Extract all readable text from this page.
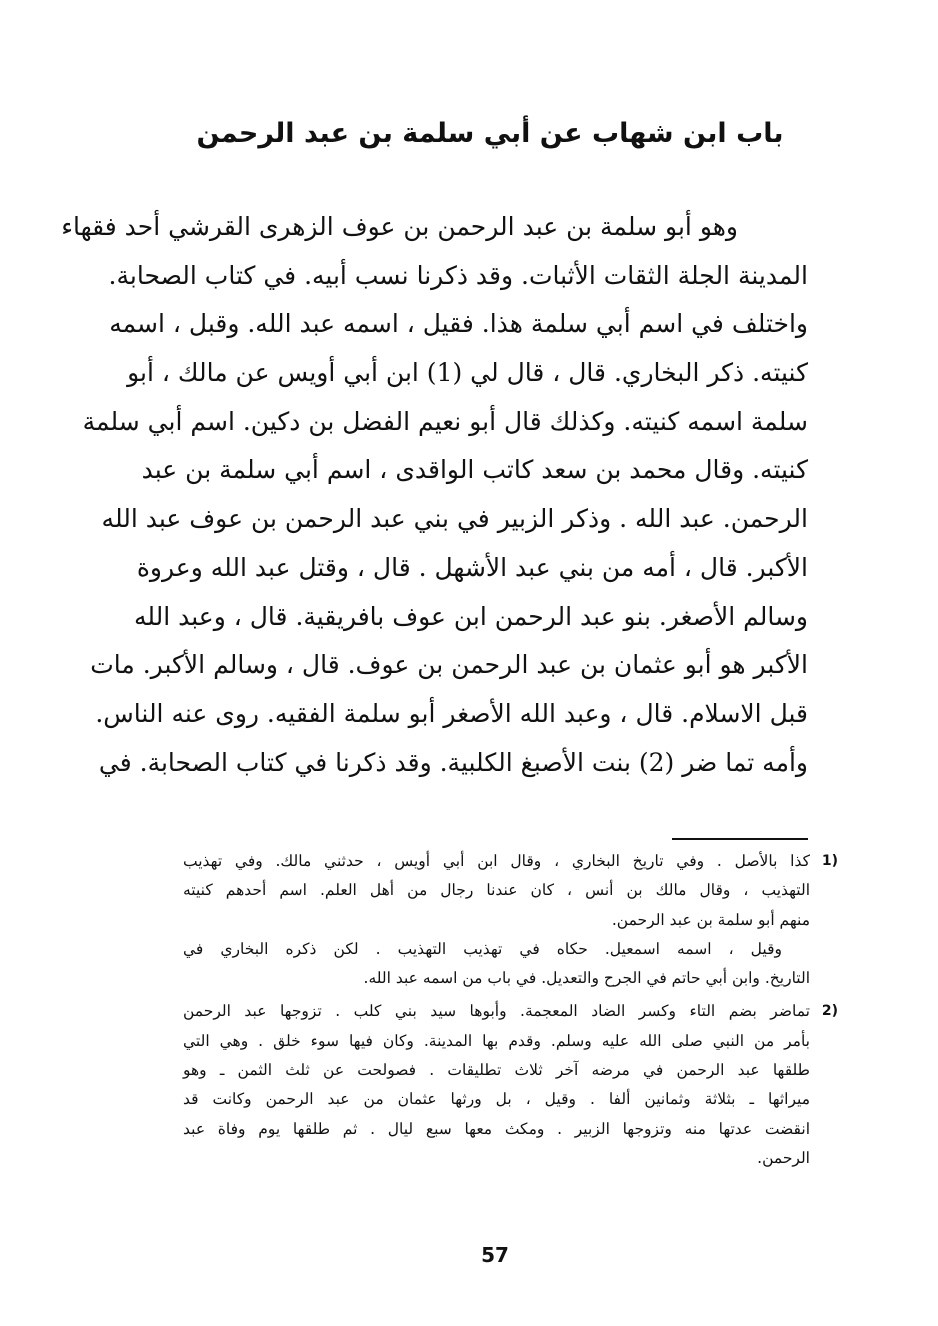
باب ابن شهاب عن أبي سلمة بن عبد الرحمن
وهو أبو سلمة بن عبد الرحمن بن عوف الزهرى القرشي أحد فقهاء
المدينة الجلة الثقات الأثبات. وقد ذكرنا نسب أبيه. في كتاب الصحابة.
واختلف في اسم أبي سلمة هذا. فقيل ، اسمه عبد الله. وقبل ، اسمه
كنيته. ذكر البخاري. قال ، قال لي (1) ابن أبي أويس عن مالك ، أبو
سلمة اسمه كنيته. وكذلك قال أبو نعيم الفضل بن دكين. اسم أبي سلمة
كنيته. وقال محمد بن سعد كاتب الواقدى ، اسم أبي سلمة بن عبد
الرحمن. عبد الله . وذكر الزبير في بني عبد الرحمن بن عوف عبد الله
الأكبر. قال ، أمه من بني عبد الأشهل . قال ، وقتل عبد الله وعروة
وسالم الأصغر. بنو عبد الرحمن ابن عوف بافريقية. قال ، وعبد الله
الأكبر هو أبو عثمان بن عبد الرحمن بن عوف. قال ، وسالم الأكبر. مات
قبل الاسلام. قال ، وعبد الله الأصغر أبو سلمة الفقيه. روى عنه الناس.
وأمه تما ضر (2) بنت الأصبغ الكلبية. وقد ذكرنا في كتاب الصحابة. في
1)
كذا بالأصل . وفي تاريخ البخاري ، وقال ابن أبي أويس ، حدثني مالك. وفي تهذيب
التهذيب ، وقال مالك بن أنس ، كان عندنا رجال من أهل العلم. اسم أحدهم كنيته
منهم أبو سلمة بن عبد الرحمن.
وقيل ، اسمه اسمعيل. حكاه في تهذيب التهذيب . لكن ذكره البخاري في
التاريخ. وابن أبي حاتم في الجرح والتعديل. في باب من اسمه عبد الله.
2)
تماضر بضم التاء وكسر الضاد المعجمة. وأبوها سيد بني كلب . تزوجها عبد الرحمن
بأمر من النبي صلى الله عليه وسلم. وقدم بها المدينة. وكان فيها سوء خلق . وهي التي
طلقها عبد الرحمن في مرضه آخر ثلاث تطليقات . فصولحت عن ثلث الثمن ـ وهو
ميراثها ـ بثلاثة وثمانين ألفا . وقيل ، بل ورثها عثمان من عبد الرحمن وكانت قد
انقضت عدتها منه وتزوجها الزبير . ومكث معها سبع ليال . ثم طلقها يوم وفاة عبد
الرحمن.
57
